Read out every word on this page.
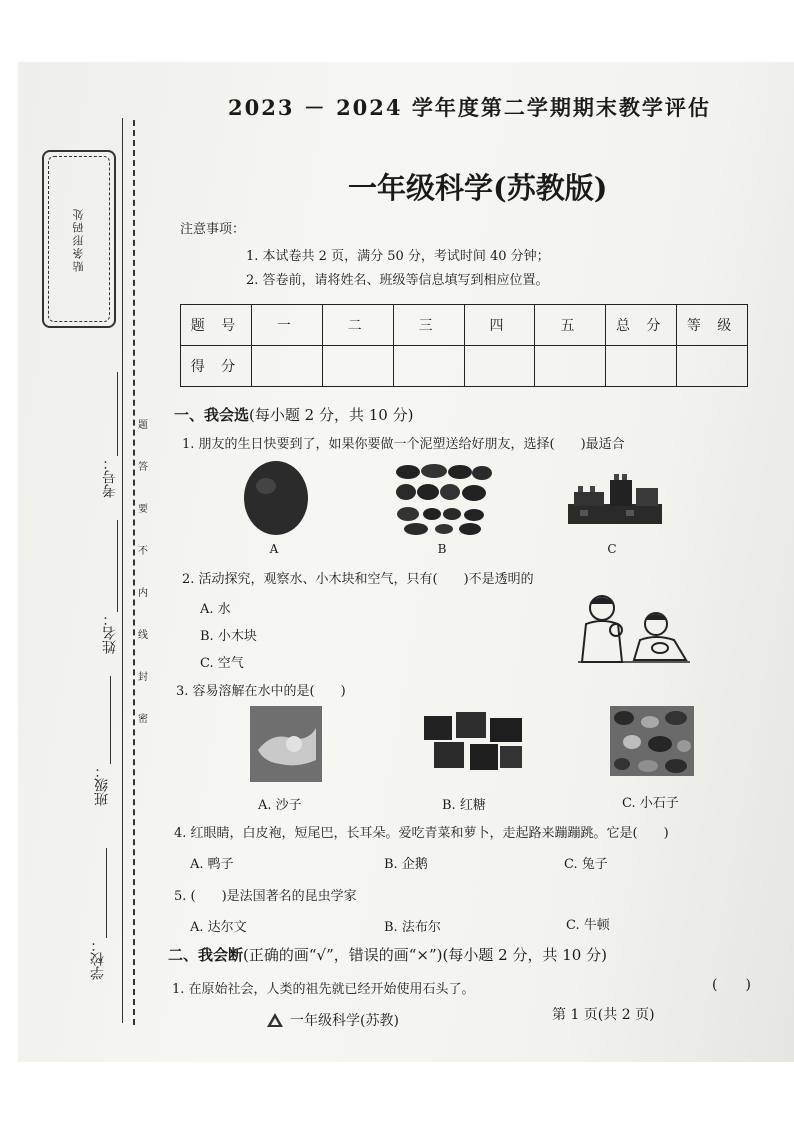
贴条形码处
考号：
姓名：
班级：
学校：
题
答
要
不
内
线
封
密
2023 － 2024 学年度第二学期期末教学评估
一年级科学(苏教版)
注意事项：
1. 本试卷共 2 页，满分 50 分，考试时间 40 分钟；
2. 答卷前，请将姓名、班级等信息填写到相应位置。
题 号	一	二	三	四	五	总 分	等 级
得 分							
一、我会选(每小题 2 分，共 10 分)
1. 朋友的生日快要到了，如果你要做一个泥塑送给好朋友，选择(　　)最适合
A	B	C
2. 活动探究，观察水、小木块和空气，只有(　　)不是透明的
A. 水
B. 小木块
C. 空气
3. 容易溶解在水中的是(　　)
A. 沙子	B. 红糖	C. 小石子
4. 红眼睛，白皮袍，短尾巴，长耳朵。爱吃青菜和萝卜，走起路来蹦蹦跳。它是(　　)
A. 鸭子	B. 企鹅	C. 兔子
5. (　　)是法国著名的昆虫学家
A. 达尔文	B. 法布尔	C. 牛顿
二、我会断(正确的画“√”，错误的画“×”)(每小题 2 分，共 10 分)
1. 在原始社会，人类的祖先就已经开始使用石头了。	(　　)
一年级科学(苏教)	第 1 页(共 2 页)
